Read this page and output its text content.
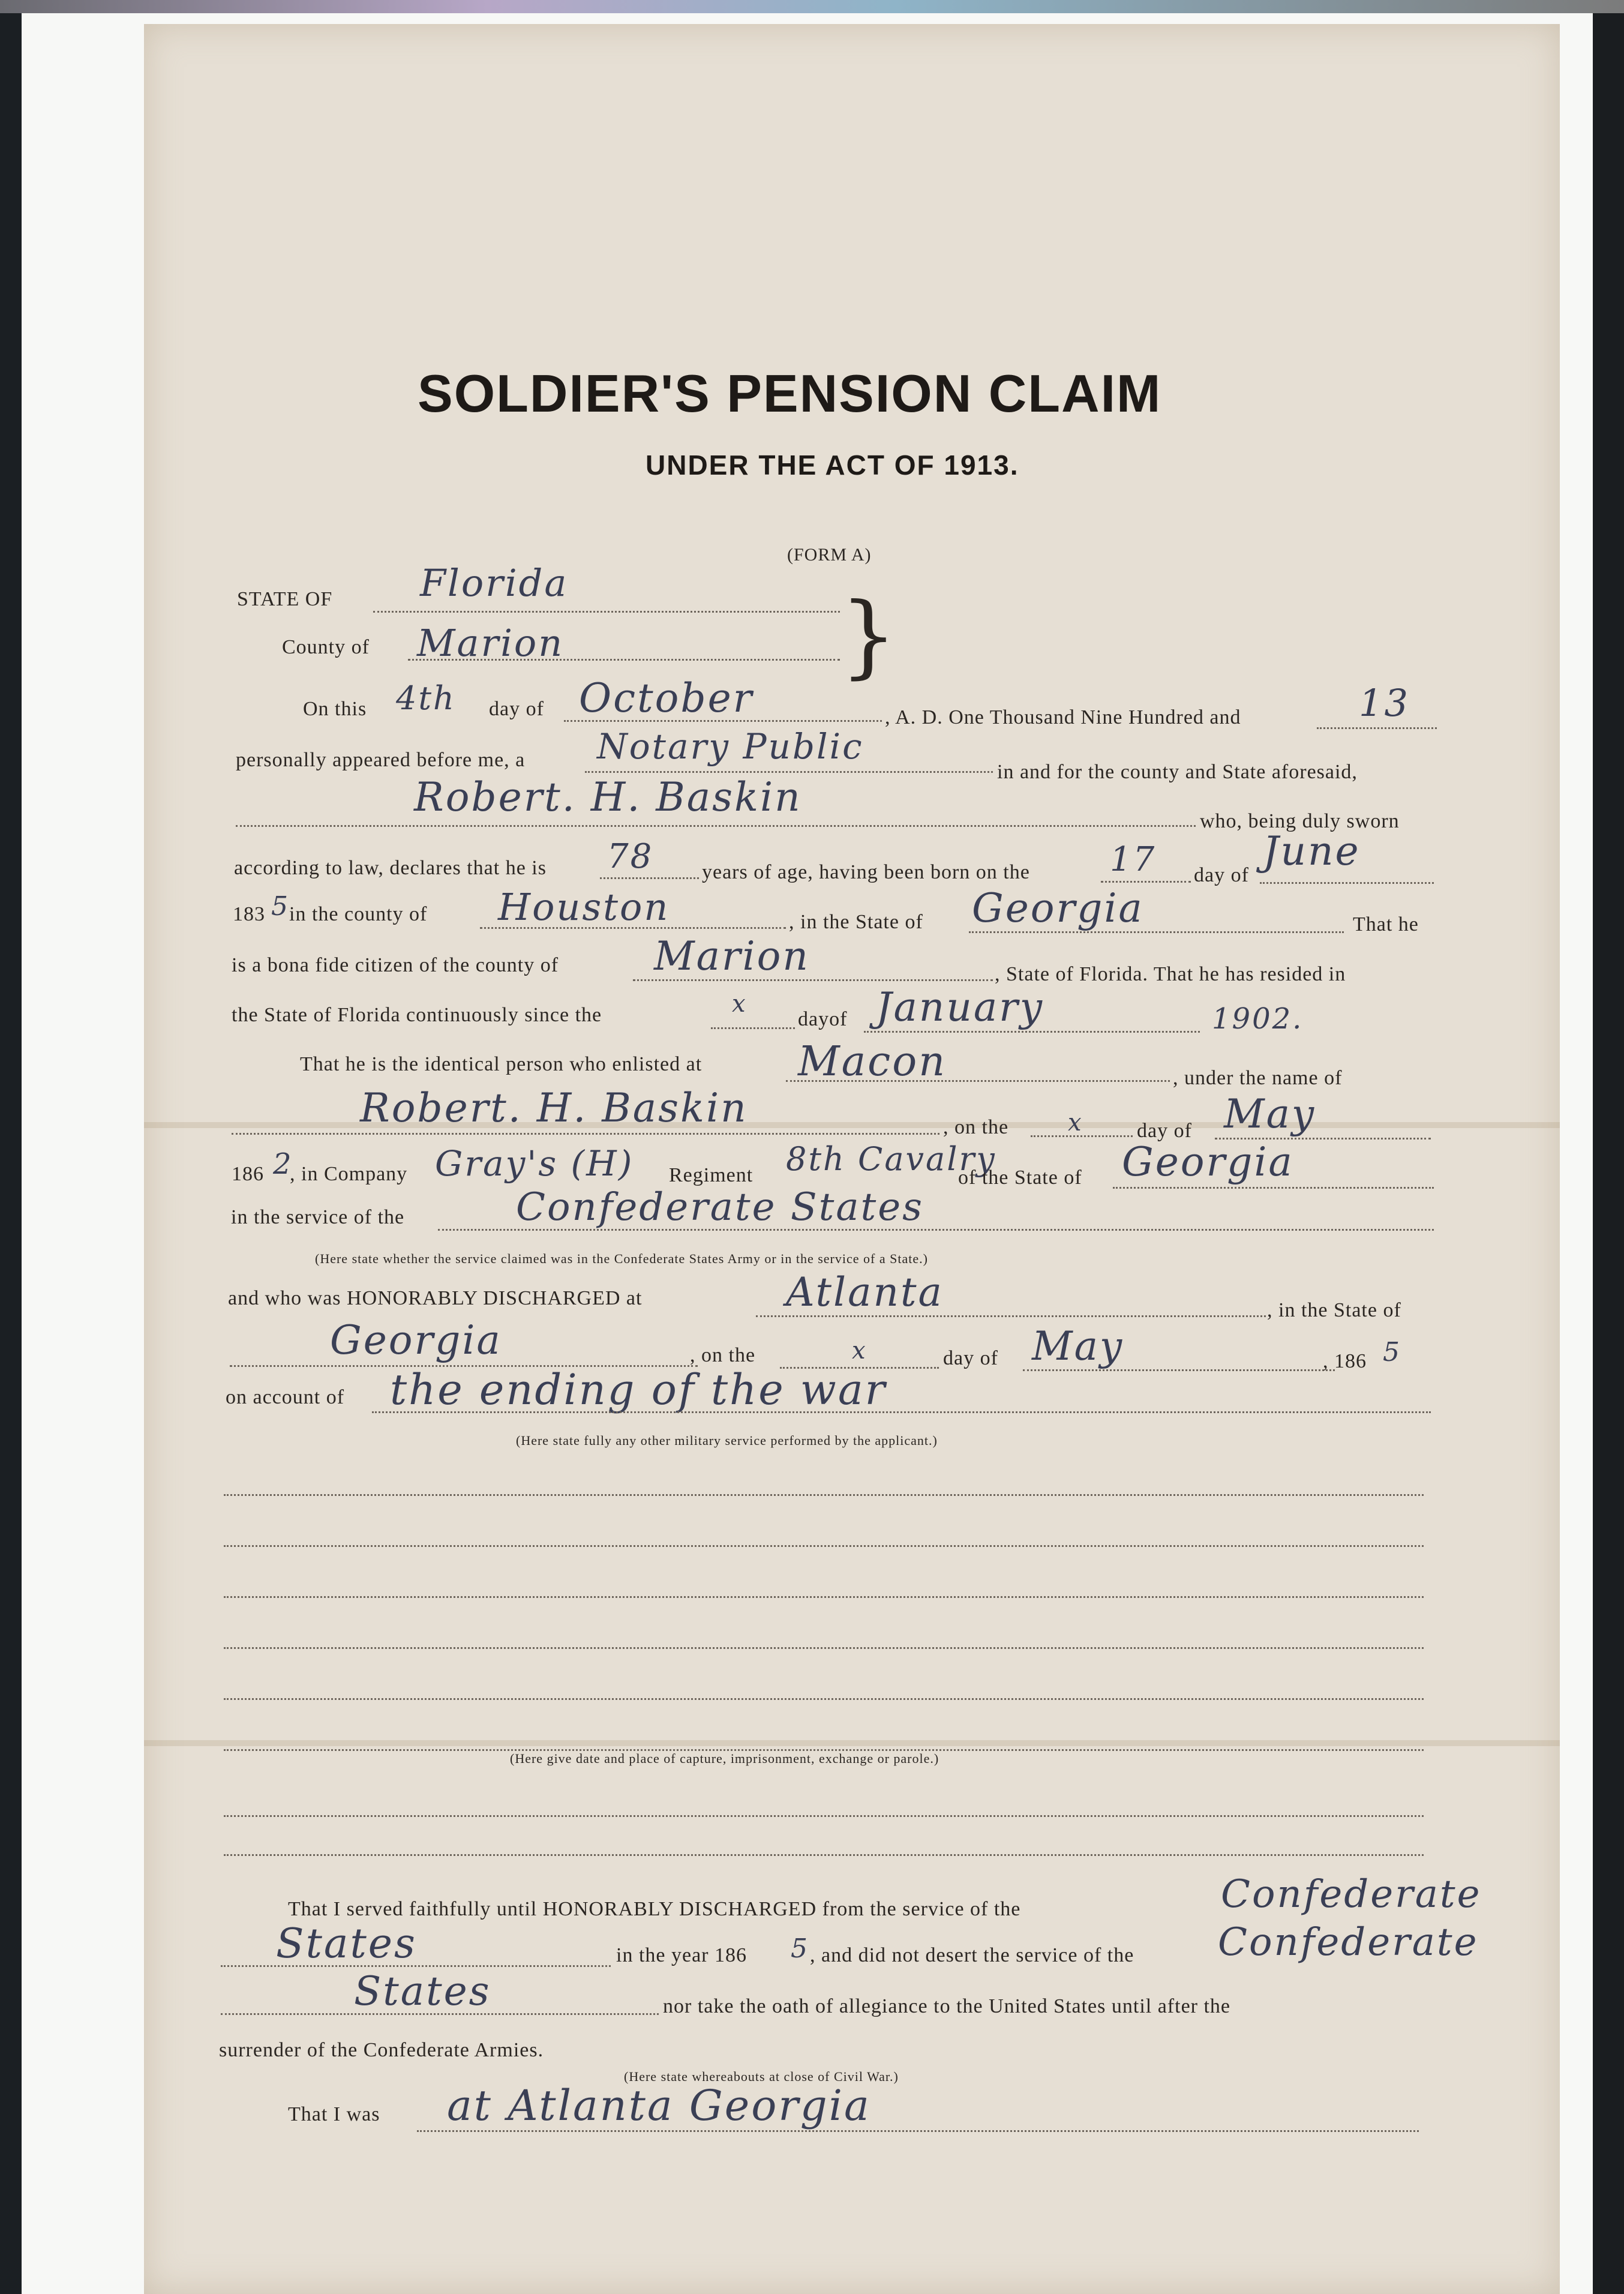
SOLDIER'S PENSION CLAIM
UNDER THE ACT OF 1913.
(FORM A)
STATE OF Florida
County of Marion	}
On this 4th day of October	, A. D. One Thousand Nine Hundred and	13
personally appeared before me, a Notary Public
in and for the county and State aforesaid,
Robert. H. Baskin
who, being duly sworn
according to law, declares that he is 78 years of age, having been born on the 17 day of
June
183 5 in the county of Houston	, in the State of Georgia	That he
is a bona fide citizen of the county of Marion	, State of Florida. That he has resided in
the State of Florida continuously since the	x
dayof January	1902.
That he is the identical person who enlisted at Macon	, under the name of
Robert. H. Baskin	, on the x	day of May
186 2
, in Company Gray's (H) Regiment 8th Cavalry
of the State of Georgia
in the service of the	Confederate States
(Here state whether the service claimed was in the Confederate States Army or in the service of a State.)
and who was HONORABLY DISCHARGED at	Atlanta	, in the State of
Georgia	, on the	x	day of May	, 186 5
on account of the ending of the war
(Here state fully any other military service performed by the applicant.)
(Here give date and place of capture, imprisonment, exchange or parole.)
That I served faithfully until HONORABLY DISCHARGED from the service of the	Confederate
States	in the year 186 5 , and did not desert the service of the Confederate
States	nor take the oath of allegiance to the United States until after the
surrender of the Confederate Armies.
(Here state whereabouts at close of Civil War.)
That I was at Atlanta Georgia
